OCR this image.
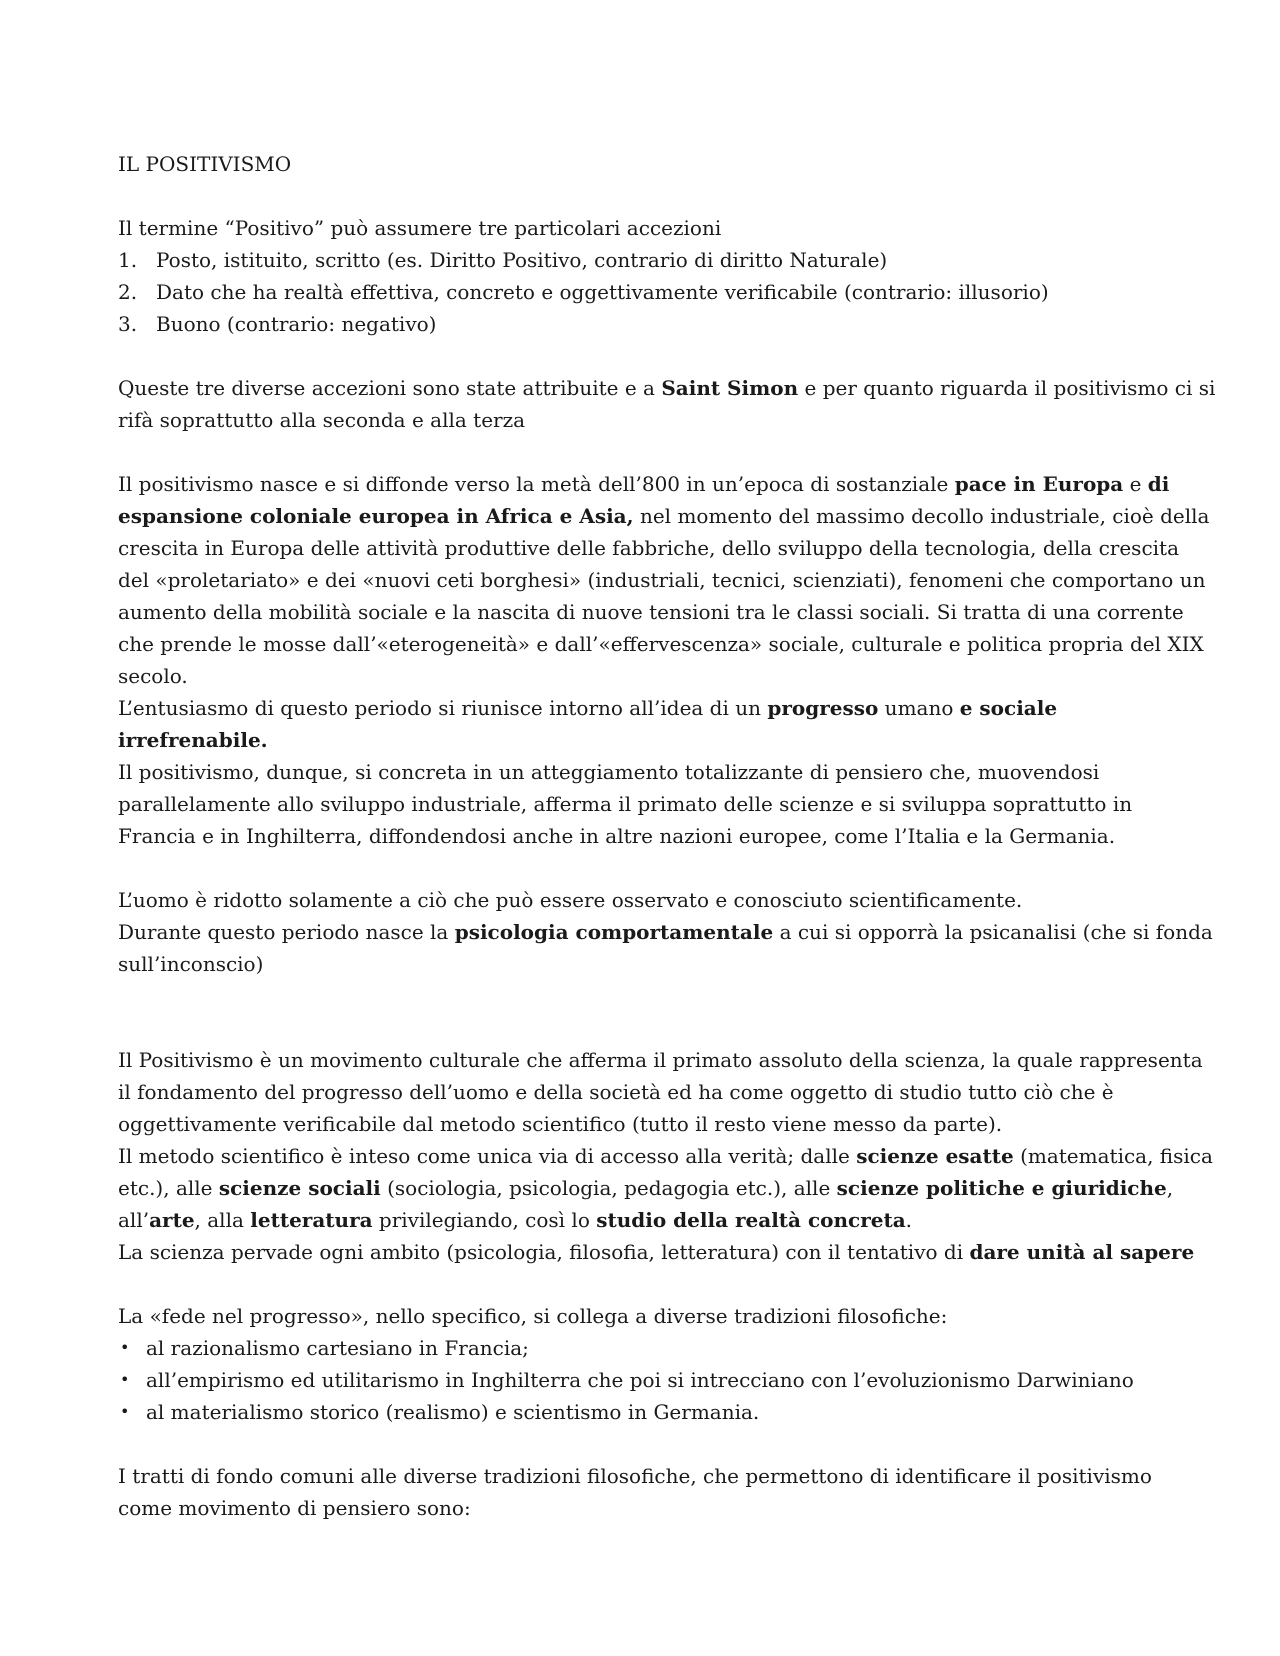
IL POSITIVISMO
Il termine “Positivo” può assumere tre particolari accezioni
1. Posto, istituito, scritto (es. Diritto Positivo, contrario di diritto Naturale)
2. Dato che ha realtà effettiva, concreto e oggettivamente verificabile (contrario: illusorio)
3. Buono (contrario: negativo)
Queste tre diverse accezioni sono state attribuite e a Saint Simon e per quanto riguarda il positivismo ci si
rifà soprattutto alla seconda e alla terza
Il positivismo nasce e si diffonde verso la metà dell’800 in un’epoca di sostanziale pace in Europa e di
espansione coloniale europea in Africa e Asia, nel momento del massimo decollo industriale, cioè della
crescita in Europa delle attività produttive delle fabbriche, dello sviluppo della tecnologia, della crescita
del «proletariato» e dei «nuovi ceti borghesi» (industriali, tecnici, scienziati), fenomeni che comportano un
aumento della mobilità sociale e la nascita di nuove tensioni tra le classi sociali. Si tratta di una corrente
che prende le mosse dall’«eterogeneità» e dall’«effervescenza» sociale, culturale e politica propria del XIX
secolo.
L’entusiasmo di questo periodo si riunisce intorno all’idea di un progresso umano e sociale
irrefrenabile.
Il positivismo, dunque, si concreta in un atteggiamento totalizzante di pensiero che, muovendosi
parallelamente allo sviluppo industriale, afferma il primato delle scienze e si sviluppa soprattutto in
Francia e in Inghilterra, diffondendosi anche in altre nazioni europee, come l’Italia e la Germania.
L’uomo è ridotto solamente a ciò che può essere osservato e conosciuto scientificamente.
Durante questo periodo nasce la psicologia comportamentale a cui si opporrà la psicanalisi (che si fonda
sull’inconscio)
Il Positivismo è un movimento culturale che afferma il primato assoluto della scienza, la quale rappresenta
il fondamento del progresso dell’uomo e della società ed ha come oggetto di studio tutto ciò che è
oggettivamente verificabile dal metodo scientifico (tutto il resto viene messo da parte).
Il metodo scientifico è inteso come unica via di accesso alla verità; dalle scienze esatte (matematica, fisica
etc.), alle scienze sociali (sociologia, psicologia, pedagogia etc.), alle scienze politiche e giuridiche,
all’arte, alla letteratura privilegiando, così lo studio della realtà concreta.
La scienza pervade ogni ambito (psicologia, filosofia, letteratura) con il tentativo di dare unità al sapere
La «fede nel progresso», nello specifico, si collega a diverse tradizioni filosofiche:
• al razionalismo cartesiano in Francia;
• all’empirismo ed utilitarismo in Inghilterra che poi si intrecciano con l’evoluzionismo Darwiniano
• al materialismo storico (realismo) e scientismo in Germania.
I tratti di fondo comuni alle diverse tradizioni filosofiche, che permettono di identificare il positivismo
come movimento di pensiero sono:
